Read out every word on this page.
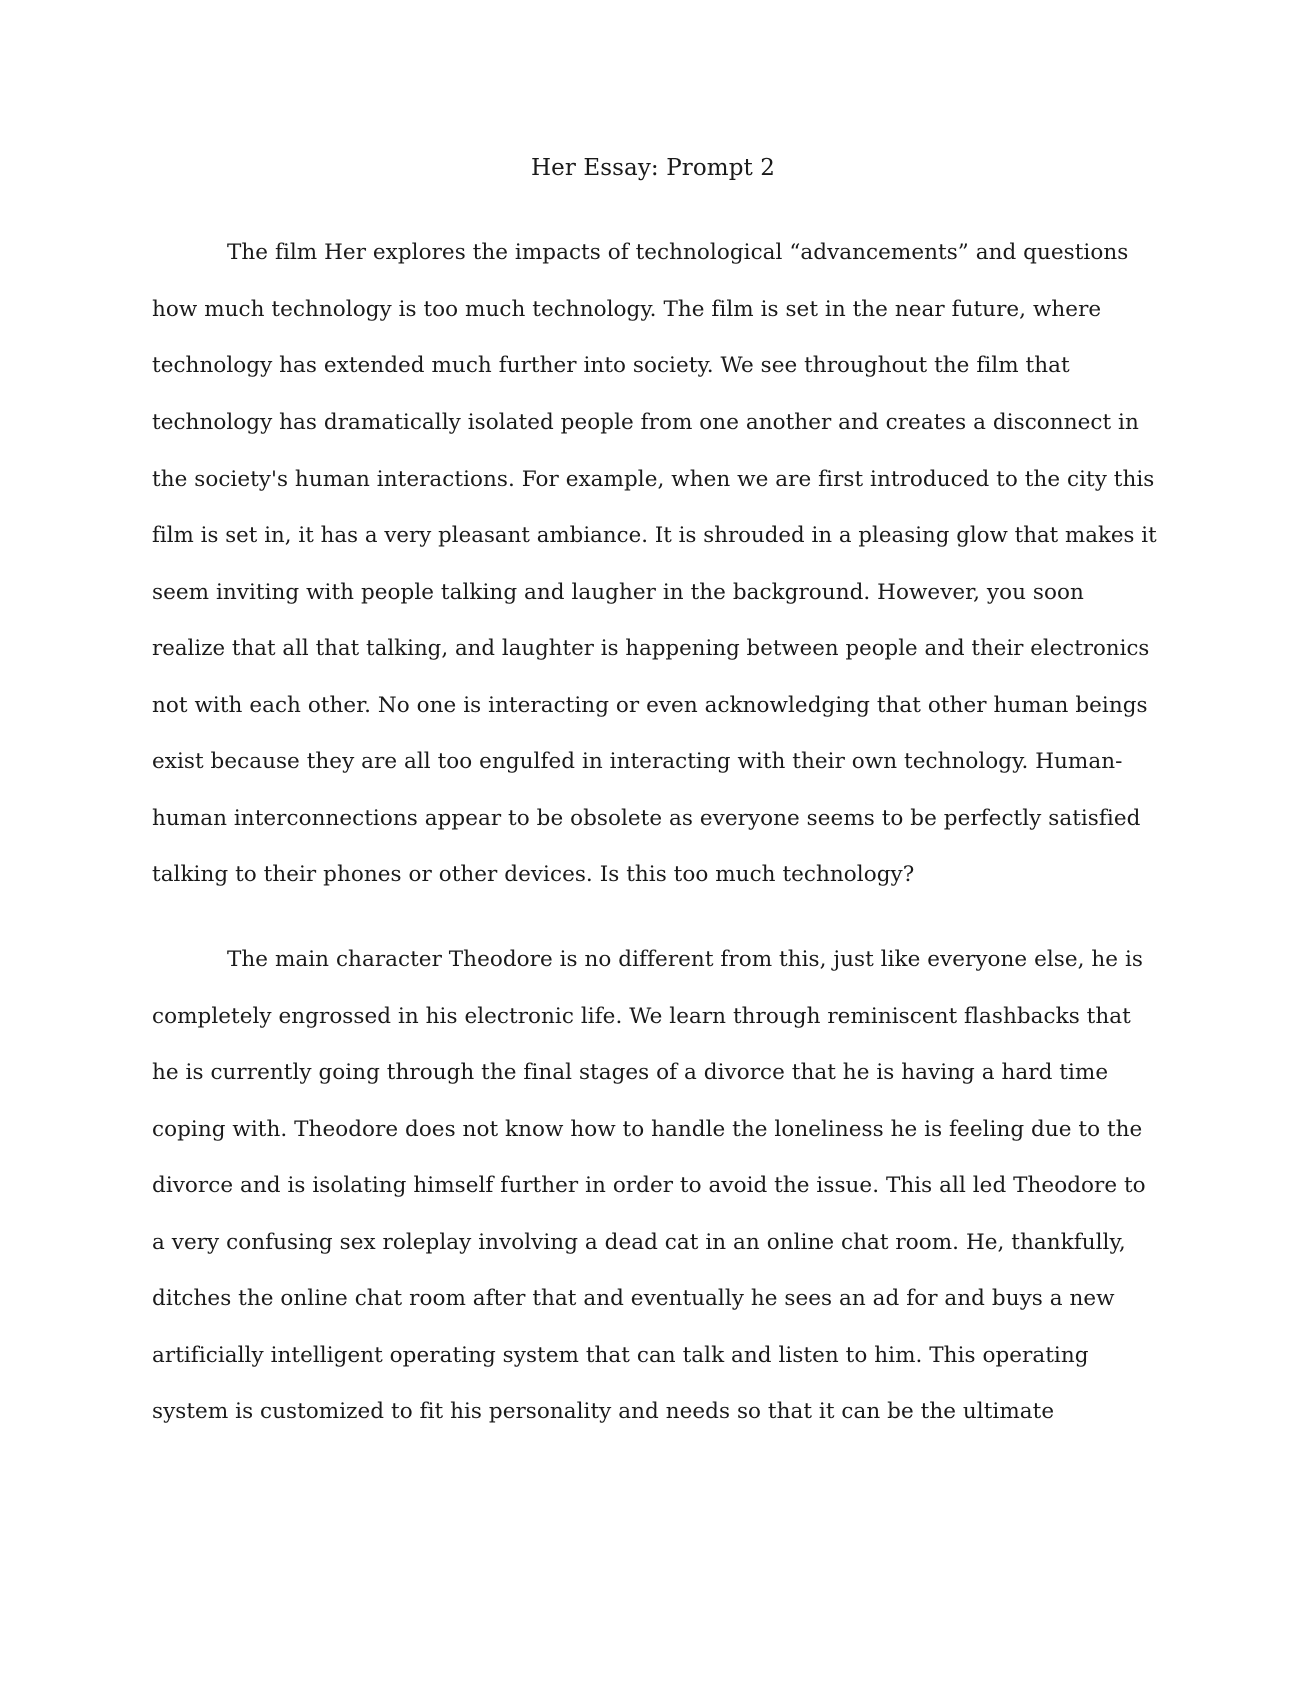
Her Essay: Prompt 2
The film Her explores the impacts of technological “advancements” and questions
how much technology is too much technology. The film is set in the near future, where
technology has extended much further into society. We see throughout the film that
technology has dramatically isolated people from one another and creates a disconnect in
the society's human interactions. For example, when we are first introduced to the city this
film is set in, it has a very pleasant ambiance. It is shrouded in a pleasing glow that makes it
seem inviting with people talking and laugher in the background. However, you soon
realize that all that talking, and laughter is happening between people and their electronics
not with each other. No one is interacting or even acknowledging that other human beings
exist because they are all too engulfed in interacting with their own technology. Human-
human interconnections appear to be obsolete as everyone seems to be perfectly satisfied
talking to their phones or other devices. Is this too much technology?
The main character Theodore is no different from this, just like everyone else, he is
completely engrossed in his electronic life. We learn through reminiscent flashbacks that
he is currently going through the final stages of a divorce that he is having a hard time
coping with. Theodore does not know how to handle the loneliness he is feeling due to the
divorce and is isolating himself further in order to avoid the issue. This all led Theodore to
a very confusing sex roleplay involving a dead cat in an online chat room. He, thankfully,
ditches the online chat room after that and eventually he sees an ad for and buys a new
artificially intelligent operating system that can talk and listen to him. This operating
system is customized to fit his personality and needs so that it can be the ultimate
